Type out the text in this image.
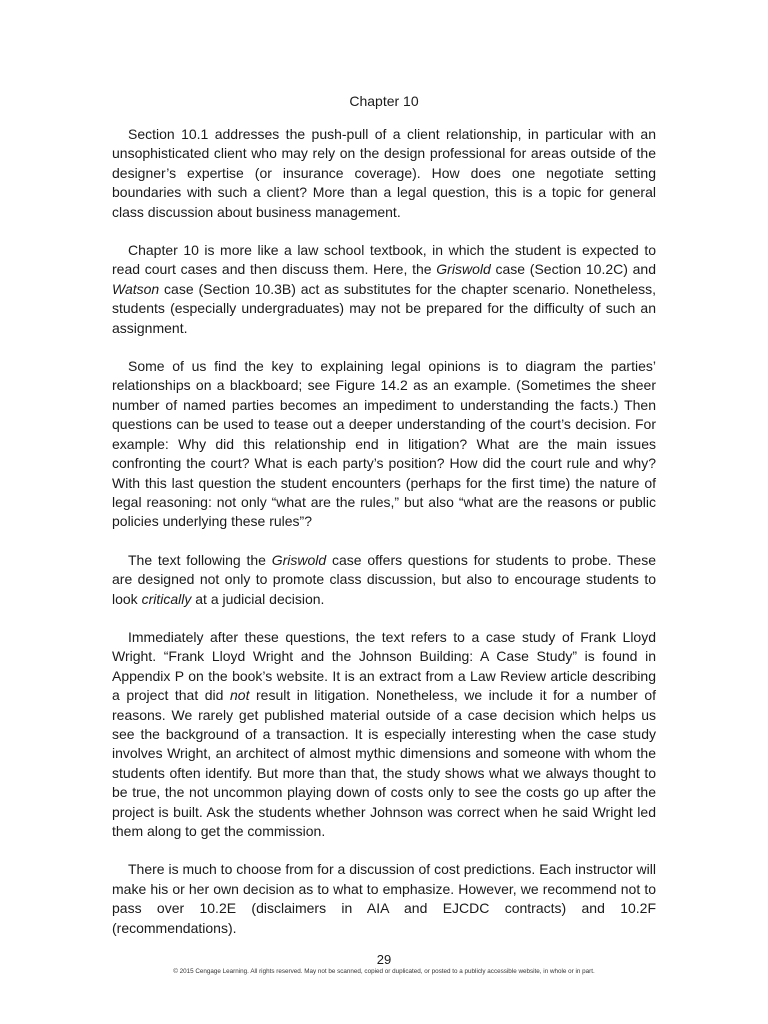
Chapter 10

Section 10.1 addresses the push-pull of a client relationship, in particular with an unsophisticated client who may rely on the design professional for areas outside of the designer’s expertise (or insurance coverage). How does one negotiate setting boundaries with such a client? More than a legal question, this is a topic for general class discussion about business management.

Chapter 10 is more like a law school textbook, in which the student is expected to read court cases and then discuss them. Here, the Griswold case (Section 10.2C) and Watson case (Section 10.3B) act as substitutes for the chapter scenario. Nonetheless, students (especially undergraduates) may not be prepared for the difficulty of such an assignment.

Some of us find the key to explaining legal opinions is to diagram the parties’ relationships on a blackboard; see Figure 14.2 as an example. (Sometimes the sheer number of named parties becomes an impediment to understanding the facts.) Then questions can be used to tease out a deeper understanding of the court’s decision. For example: Why did this relationship end in litigation? What are the main issues confronting the court? What is each party’s position? How did the court rule and why? With this last question the student encounters (perhaps for the first time) the nature of legal reasoning: not only “what are the rules,” but also “what are the reasons or public policies underlying these rules”?

The text following the Griswold case offers questions for students to probe. These are designed not only to promote class discussion, but also to encourage students to look critically at a judicial decision.

Immediately after these questions, the text refers to a case study of Frank Lloyd Wright. “Frank Lloyd Wright and the Johnson Building: A Case Study” is found in Appendix P on the book’s website. It is an extract from a Law Review article describing a project that did not result in litigation. Nonetheless, we include it for a number of reasons. We rarely get published material outside of a case decision which helps us see the background of a transaction. It is especially interesting when the case study involves Wright, an architect of almost mythic dimensions and someone with whom the students often identify. But more than that, the study shows what we always thought to be true, the not uncommon playing down of costs only to see the costs go up after the project is built. Ask the students whether Johnson was correct when he said Wright led them along to get the commission.

There is much to choose from for a discussion of cost predictions. Each instructor will make his or her own decision as to what to emphasize. However, we recommend not to pass over 10.2E (disclaimers in AIA and EJCDC contracts) and 10.2F (recommendations).

29
© 2015 Cengage Learning. All rights reserved. May not be scanned, copied or duplicated, or posted to a publicly accessible website, in whole or in part.
